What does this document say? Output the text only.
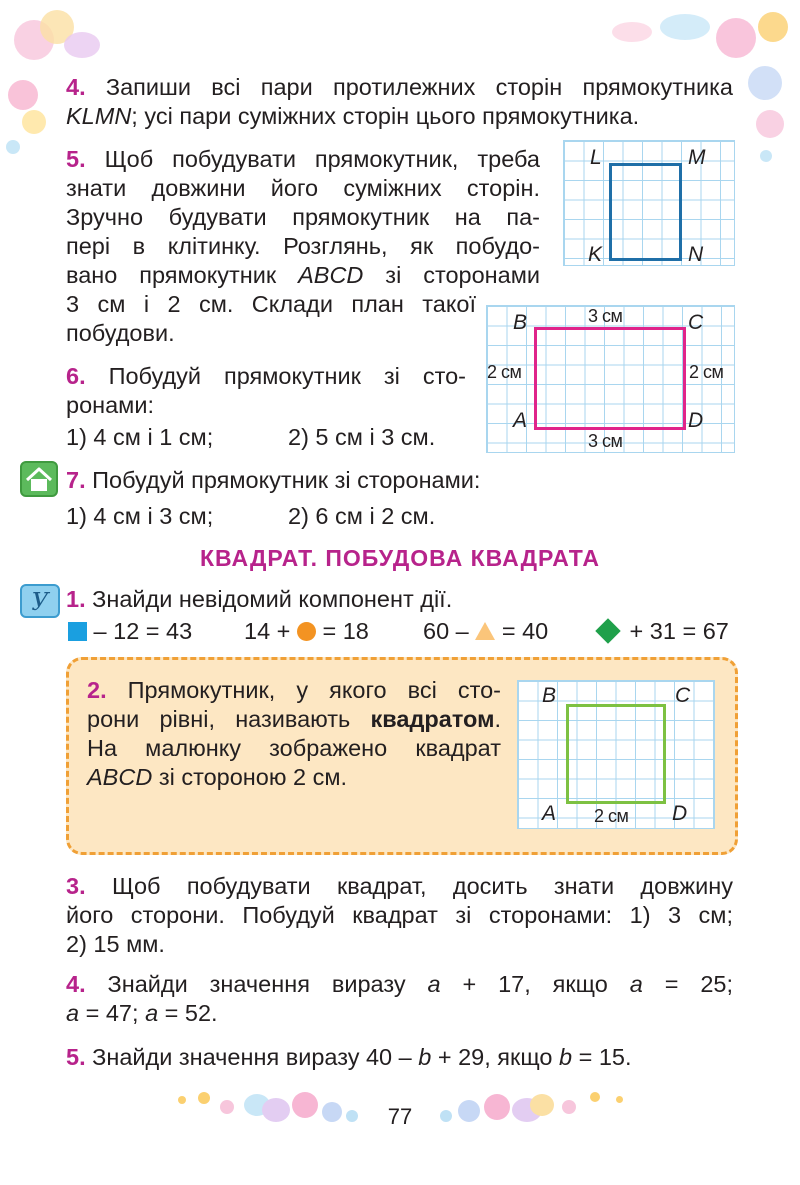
4. Запиши всі пари протилежних сторін прямокутника
KLMN; усі пари суміжних сторін цього прямокутника.
L	M
K	N
5. Щоб побудувати прямокутник, треба
знати довжини його суміжних сторін.
Зручно будувати прямокутник на па-
пері в клітинку. Розглянь, як побудо-
вано прямокутник ABCD зі сторонами
3 см і 2 см. Склади план такої
побудови.	B	C
A	D
3 см
3 см
2 см	2 см
6. Побудуй прямокутник зі сто-
ронами:
1) 4 см і 1 см;	2) 5 см і 3 см.
7. Побудуй прямокутник зі сторонами:
1) 4 см і 3 см;	2) 6 см і 2 см.
КВАДРАТ. ПОБУДОВА КВАДРАТА
У 1. Знайди невідомий компонент дії.
– 12 = 43 14 + = 18 60 – = 40	+ 31 = 67
2. Прямокутник, у якого всі сто-
рони рівні, називають квадратом.
На малюнку зображено квадрат
ABCD зі стороною 2 см.
B	C
A	D
2 см
3. Щоб побудувати квадрат, досить знати довжину
його сторони. Побудуй квадрат зі сторонами: 1) 3 см;
2) 15 мм.
4. Знайди значення виразу a + 17, якщо a = 25;
a = 47; a = 52.
5. Знайди значення виразу 40 – b + 29, якщо b = 15.
77
